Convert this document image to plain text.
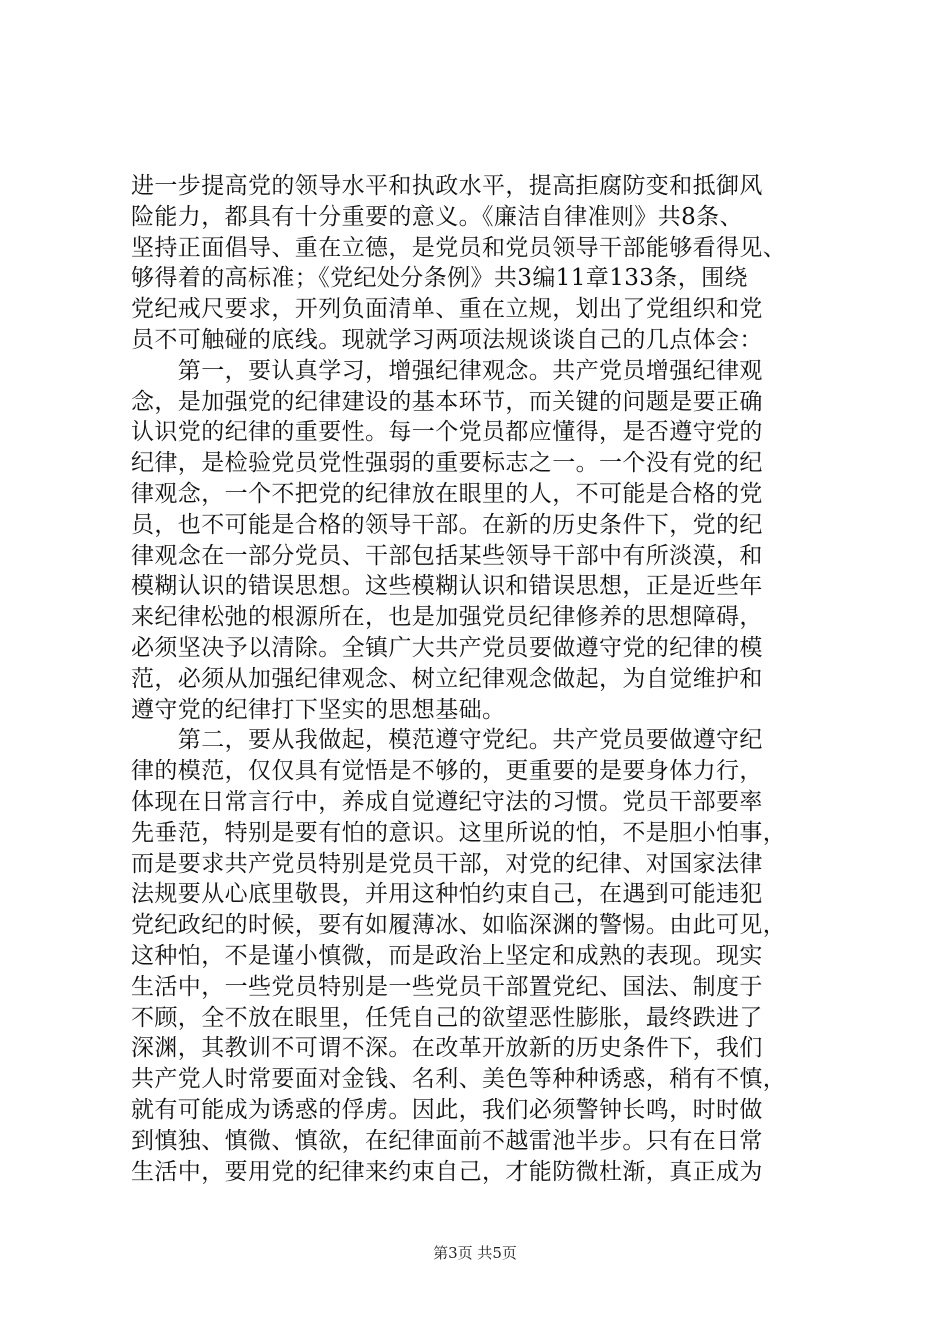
进一步提高党的领导水平和执政水平，提高拒腐防变和抵御风
险能力，都具有十分重要的意义。《廉洁自律准则》共8条、
坚持正面倡导、重在立德，是党员和党员领导干部能够看得见、
够得着的高标准；《党纪处分条例》共3编11章133条，围绕
党纪戒尺要求，开列负面清单、重在立规，划出了党组织和党
员不可触碰的底线。现就学习两项法规谈谈自己的几点体会：
　　第一，要认真学习，增强纪律观念。共产党员增强纪律观
念，是加强党的纪律建设的基本环节，而关键的问题是要正确
认识党的纪律的重要性。每一个党员都应懂得，是否遵守党的
纪律，是检验党员党性强弱的重要标志之一。一个没有党的纪
律观念，一个不把党的纪律放在眼里的人，不可能是合格的党
员，也不可能是合格的领导干部。在新的历史条件下，党的纪
律观念在一部分党员、干部包括某些领导干部中有所淡漠，和
模糊认识的错误思想。这些模糊认识和错误思想，正是近些年
来纪律松弛的根源所在，也是加强党员纪律修养的思想障碍，
必须坚决予以清除。全镇广大共产党员要做遵守党的纪律的模
范，必须从加强纪律观念、树立纪律观念做起，为自觉维护和
遵守党的纪律打下坚实的思想基础。
　　第二，要从我做起，模范遵守党纪。共产党员要做遵守纪
律的模范，仅仅具有觉悟是不够的，更重要的是要身体力行，
体现在日常言行中，养成自觉遵纪守法的习惯。党员干部要率
先垂范，特别是要有怕的意识。这里所说的怕，不是胆小怕事，
而是要求共产党员特别是党员干部，对党的纪律、对国家法律
法规要从心底里敬畏，并用这种怕约束自己，在遇到可能违犯
党纪政纪的时候，要有如履薄冰、如临深渊的警惕。由此可见，
这种怕，不是谨小慎微，而是政治上坚定和成熟的表现。现实
生活中，一些党员特别是一些党员干部置党纪、国法、制度于
不顾，全不放在眼里，任凭自己的欲望恶性膨胀，最终跌进了
深渊，其教训不可谓不深。在改革开放新的历史条件下，我们
共产党人时常要面对金钱、名利、美色等种种诱惑，稍有不慎，
就有可能成为诱惑的俘虏。因此，我们必须警钟长鸣，时时做
到慎独、慎微、慎欲，在纪律面前不越雷池半步。只有在日常
生活中，要用党的纪律来约束自己，才能防微杜渐，真正成为
第3页 共5页
